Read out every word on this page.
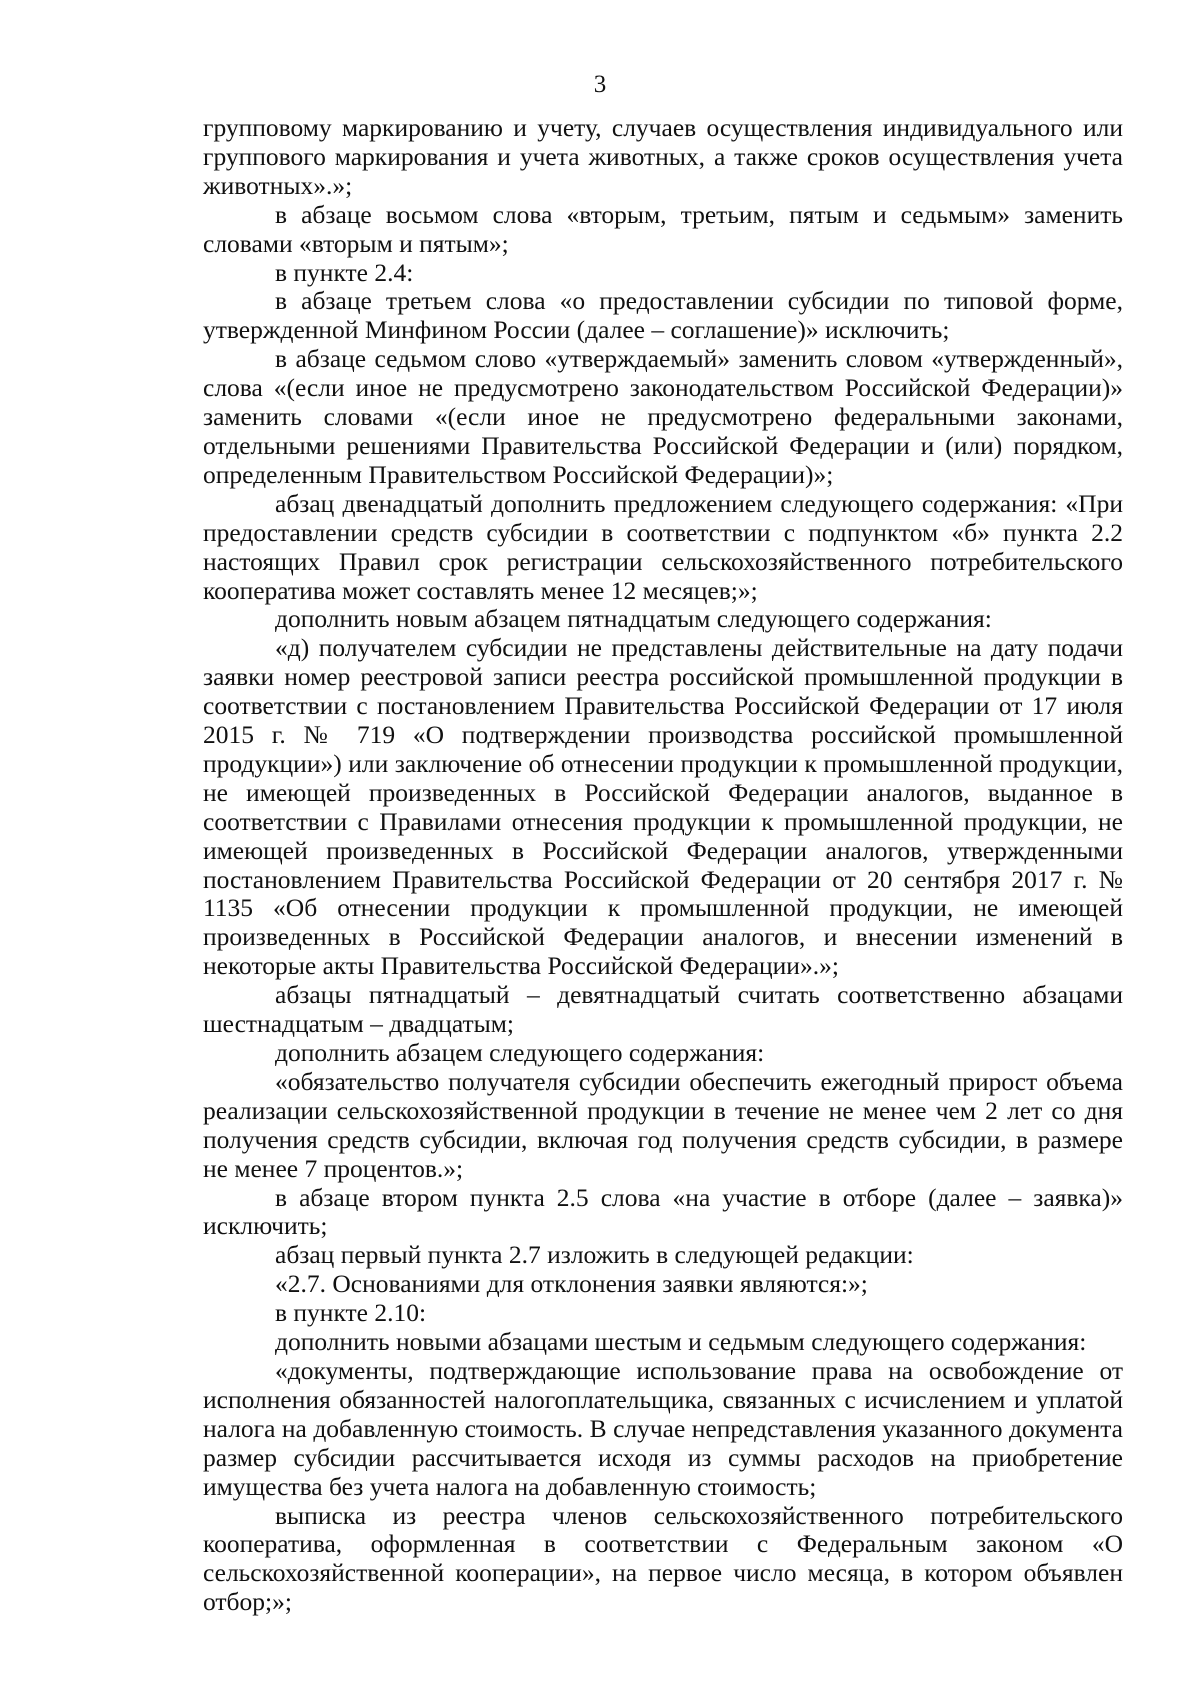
3

групповому маркированию и учету, случаев осуществления индивидуального или группового маркирования и учета животных, а также сроков осуществления учета животных».»;

в абзаце восьмом слова «вторым, третьим, пятым и седьмым» заменить словами «вторым и пятым»;

в пункте 2.4:

в абзаце третьем слова «о предоставлении субсидии по типовой форме, утвержденной Минфином России (далее – соглашение)» исключить;

в абзаце седьмом слово «утверждаемый» заменить словом «утвержденный», слова «(если иное не предусмотрено законодательством Российской Федерации)» заменить словами «(если иное не предусмотрено федеральными законами, отдельными решениями Правительства Российской Федерации и (или) порядком, определенным Правительством Российской Федерации)»;

абзац двенадцатый дополнить предложением следующего содержания: «При предоставлении средств субсидии в соответствии с подпунктом «б» пункта 2.2 настоящих Правил срок регистрации сельскохозяйственного потребительского кооператива может составлять менее 12 месяцев;»;

дополнить новым абзацем пятнадцатым следующего содержания:

«д) получателем субсидии не представлены действительные на дату подачи заявки номер реестровой записи реестра российской промышленной продукции в соответствии с постановлением Правительства Российской Федерации от 17 июля 2015 г. № 719 «О подтверждении производства российской промышленной продукции») или заключение об отнесении продукции к промышленной продукции, не имеющей произведенных в Российской Федерации аналогов, выданное в соответствии с Правилами отнесения продукции к промышленной продукции, не имеющей произведенных в Российской Федерации аналогов, утвержденными постановлением Правительства Российской Федерации от 20 сентября 2017 г. № 1135 «Об отнесении продукции к промышленной продукции, не имеющей произведенных в Российской Федерации аналогов, и внесении изменений в некоторые акты Правительства Российской Федерации».»;

абзацы пятнадцатый – девятнадцатый считать соответственно абзацами шестнадцатым – двадцатым;

дополнить абзацем следующего содержания:

«обязательство получателя субсидии обеспечить ежегодный прирост объема реализации сельскохозяйственной продукции в течение не менее чем 2 лет со дня получения средств субсидии, включая год получения средств субсидии, в размере не менее 7 процентов.»;

в абзаце втором пункта 2.5 слова «на участие в отборе (далее – заявка)» исключить;

абзац первый пункта 2.7 изложить в следующей редакции:

«2.7. Основаниями для отклонения заявки являются:»;

в пункте 2.10:

дополнить новыми абзацами шестым и седьмым следующего содержания:

«документы, подтверждающие использование права на освобождение от исполнения обязанностей налогоплательщика, связанных с исчислением и уплатой налога на добавленную стоимость. В случае непредставления указанного документа размер субсидии рассчитывается исходя из суммы расходов на приобретение имущества без учета налога на добавленную стоимость;

выписка из реестра членов сельскохозяйственного потребительского кооператива, оформленная в соответствии с Федеральным законом «О сельскохозяйственной кооперации», на первое число месяца, в котором объявлен отбор;»;
